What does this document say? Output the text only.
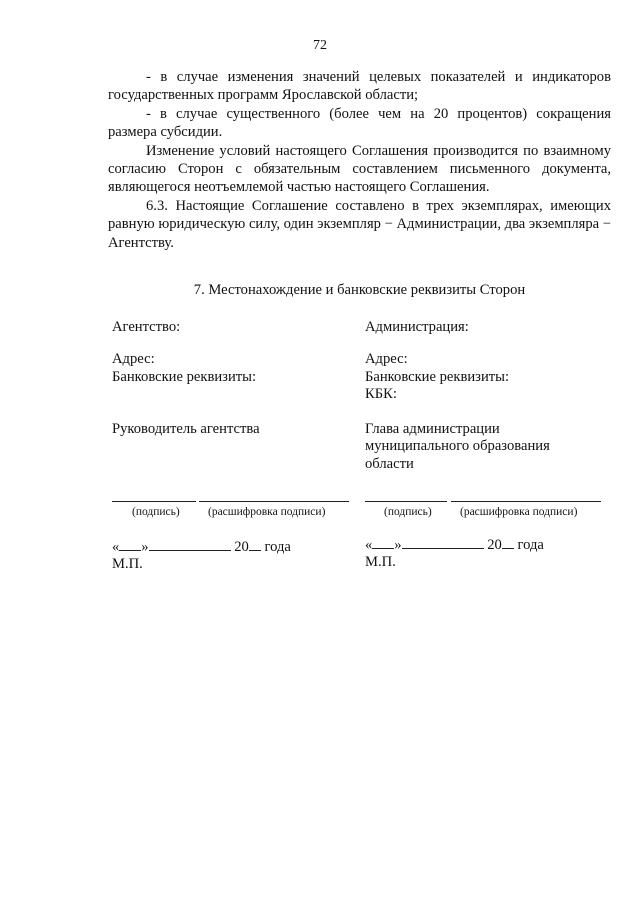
72

- в случае изменения значений целевых показателей и индикаторов государственных программ Ярославской области;

- в случае существенного (более чем на 20 процентов) сокращения размера субсидии.

Изменение условий настоящего Соглашения производится по взаимному согласию Сторон с обязательным составлением письменного документа, являющегося неотъемлемой частью настоящего Соглашения.

6.3. Настоящие Соглашение составлено в трех экземплярах, имеющих равную юридическую силу, один экземпляр − Администрации, два экземпляра − Агентству.

7. Местонахождение и банковские реквизиты Сторон
Агентство:
Адрес:
Банковские реквизиты:
Руководитель агентства
(подпись) (расшифровка подписи)
« »	20 года
М.П.
Администрация:
Адрес:
Банковские реквизиты:
КБК:
Глава администрации
муниципального образования
области
(подпись) (расшифровка подписи)
« »	20 года
М.П.
